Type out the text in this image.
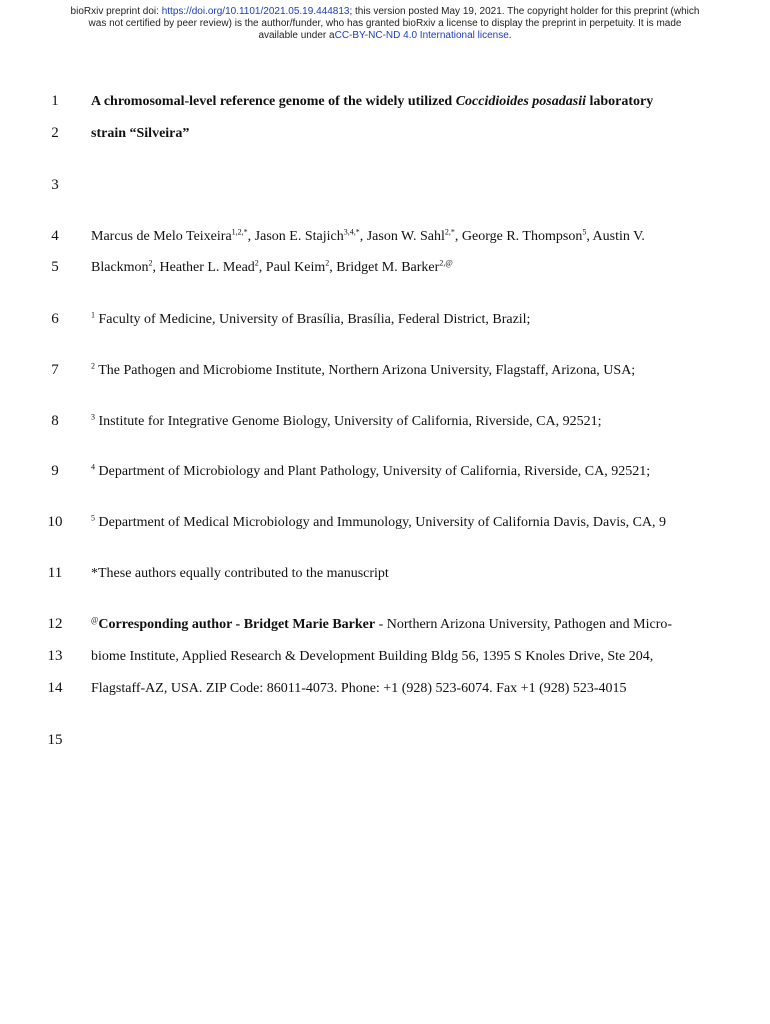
bioRxiv preprint doi: https://doi.org/10.1101/2021.05.19.444813; this version posted May 19, 2021. The copyright holder for this preprint (which
was not certified by peer review) is the author/funder, who has granted bioRxiv a license to display the preprint in perpetuity. It is made
available under aCC-BY-NC-ND 4.0 International license.
1
2
3
4
5
6
7
8
9
10
11
12
13
14
15
A chromosomal-level reference genome of the widely utilized Coccidioides posadasii laboratory
strain “Silveira”
Marcus de Melo Teixeira$^{1,2,*}$, Jason E. Stajich$^{3,4,*}$, Jason W. Sahl$^{2,*}$, George R. Thompson$^5$, Austin V.
Blackmon$^2$, Heather L. Mead$^2$, Paul Keim$^2$, Bridget M. Barker$^{2,@}$
$^1$ Faculty of Medicine, University of Brasília, Brasília, Federal District, Brazil;
$^2$ The Pathogen and Microbiome Institute, Northern Arizona University, Flagstaff, Arizona, USA;
$^3$ Institute for Integrative Genome Biology, University of California, Riverside, CA, 92521;
$^4$ Department of Microbiology and Plant Pathology, University of California, Riverside, CA, 92521;
$^5$ Department of Medical Microbiology and Immunology, University of California Davis, Davis, CA, 9
*These authors equally contributed to the manuscript
@Corresponding author - Bridget Marie Barker - Northern Arizona University, Pathogen and Micro-
biome Institute, Applied Research & Development Building Bldg 56, 1395 S Knoles Drive, Ste 204,
Flagstaff-AZ, USA. ZIP Code: 86011-4073. Phone: +1 (928) 523-6074. Fax +1 (928) 523-4015
